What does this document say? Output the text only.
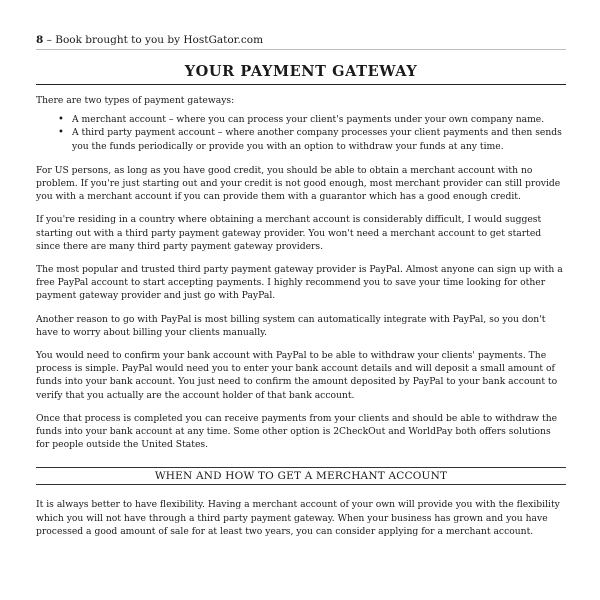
8 – Book brought to you by HostGator.com
YOUR PAYMENT GATEWAY

There are two types of payment gateways:

• A merchant account – where you can process your client's payments under your own company name.
• A third party payment account – where another company processes your client payments and then sends you the funds periodically or provide you with an option to withdraw your funds at any time.

For US persons, as long as you have good credit, you should be able to obtain a merchant account with no problem. If you're just starting out and your credit is not good enough, most merchant provider can still provide you with a merchant account if you can provide them with a guarantor which has a good enough credit.

If you're residing in a country where obtaining a merchant account is considerably difficult, I would suggest starting out with a third party payment gateway provider. You won't need a merchant account to get started since there are many third party payment gateway providers.

The most popular and trusted third party payment gateway provider is PayPal. Almost anyone can sign up with a free PayPal account to start accepting payments. I highly recommend you to save your time looking for other payment gateway provider and just go with PayPal.

Another reason to go with PayPal is most billing system can automatically integrate with PayPal, so you don't have to worry about billing your clients manually.

You would need to confirm your bank account with PayPal to be able to withdraw your clients' payments. The process is simple. PayPal would need you to enter your bank account details and will deposit a small amount of funds into your bank account. You just need to confirm the amount deposited by PayPal to your bank account to verify that you actually are the account holder of that bank account.

Once that process is completed you can receive payments from your clients and should be able to withdraw the funds into your bank account at any time. Some other option is 2CheckOut and WorldPay both offers solutions for people outside the United States.

WHEN AND HOW TO GET A MERCHANT ACCOUNT

It is always better to have flexibility. Having a merchant account of your own will provide you with the flexibility which you will not have through a third party payment gateway. When your business has grown and you have processed a good amount of sale for at least two years, you can consider applying for a merchant account.
